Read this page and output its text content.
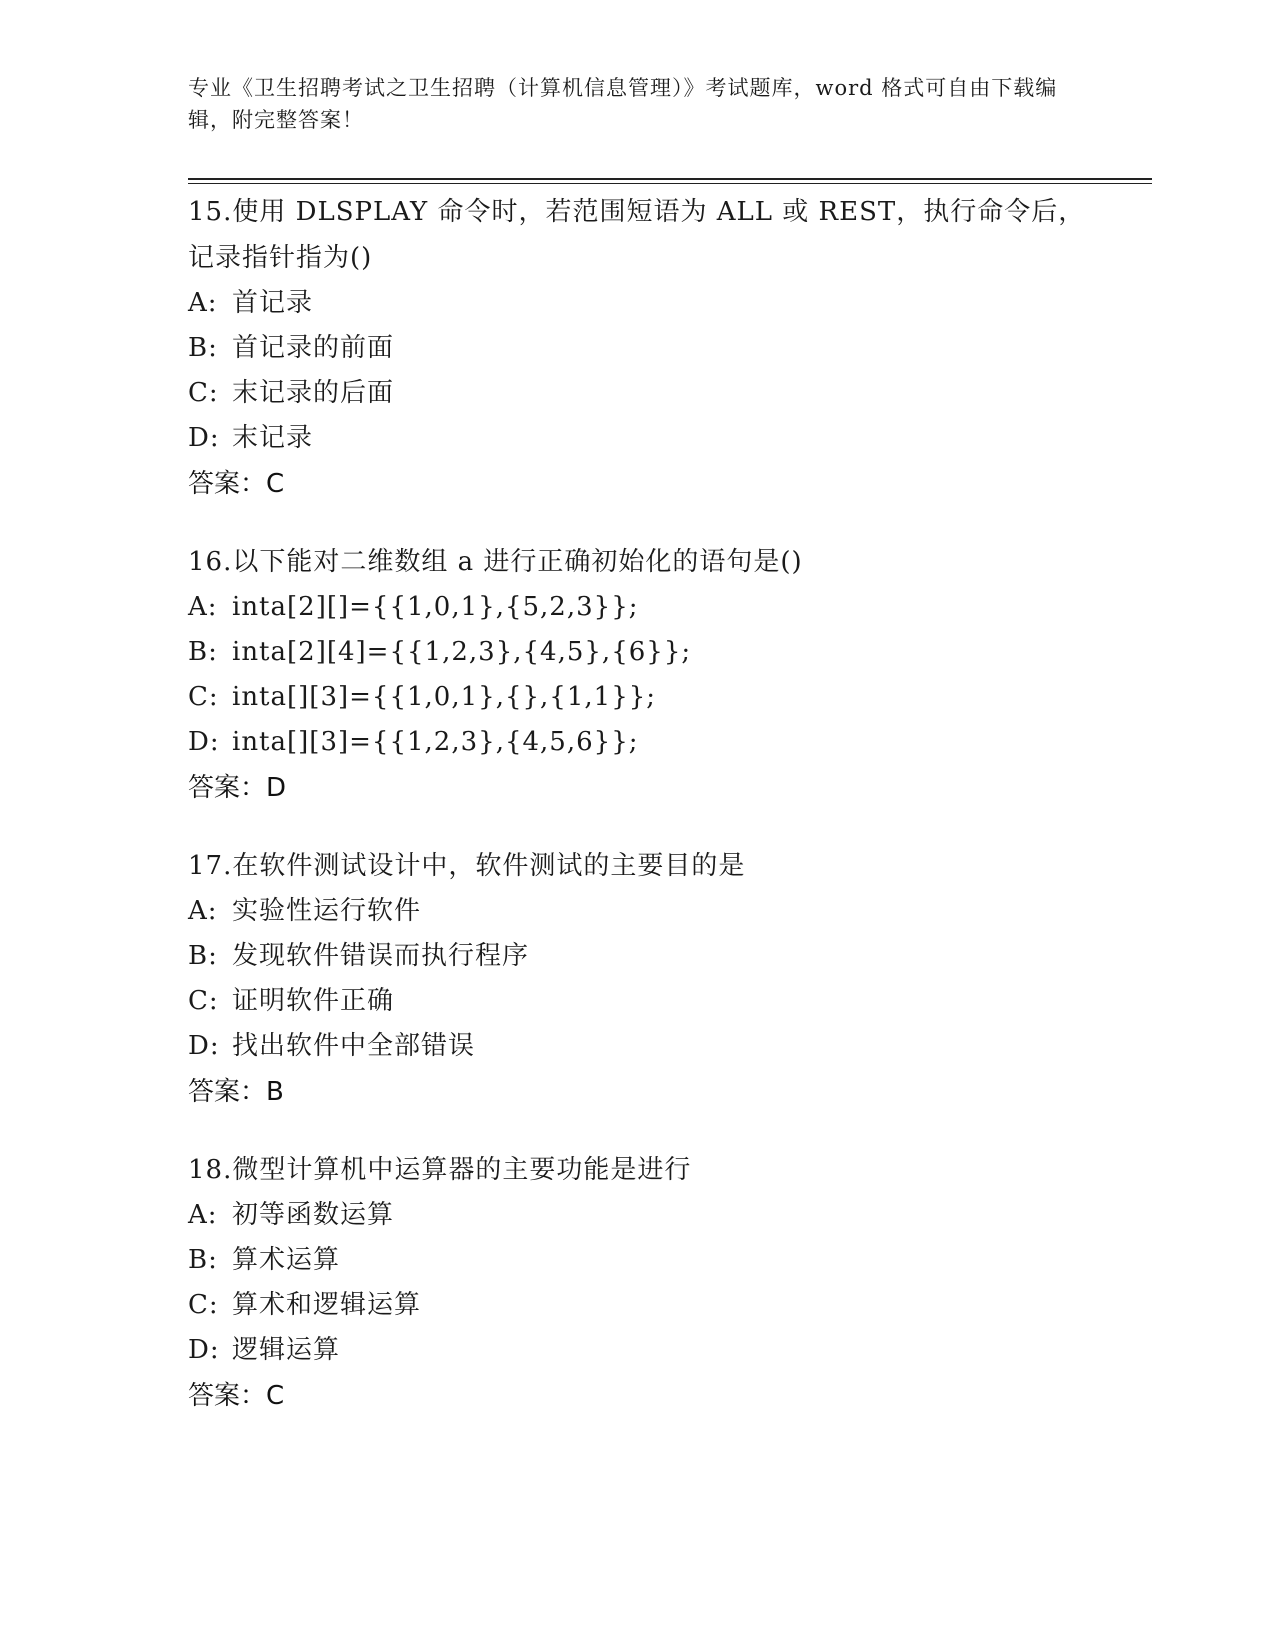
专业《卫生招聘考试之卫生招聘（计算机信息管理）》考试题库，word 格式可自由下载编辑，附完整答案！
15.使用 DLSPLAY 命令时，若范围短语为 ALL 或 REST，执行命令后，记录指针指为()
A: 首记录
B: 首记录的前面
C: 末记录的后面
D: 末记录
答案：C
16.以下能对二维数组 a 进行正确初始化的语句是()
A: inta[2][]={{1,0,1},{5,2,3}};
B: inta[2][4]={{1,2,3},{4,5},{6}};
C: inta[][3]={{1,0,1},{},{1,1}};
D: inta[][3]={{1,2,3},{4,5,6}};
答案：D
17.在软件测试设计中，软件测试的主要目的是
A: 实验性运行软件
B: 发现软件错误而执行程序
C: 证明软件正确
D: 找出软件中全部错误
答案：B
18.微型计算机中运算器的主要功能是进行
A: 初等函数运算
B: 算术运算
C: 算术和逻辑运算
D: 逻辑运算
答案：C
